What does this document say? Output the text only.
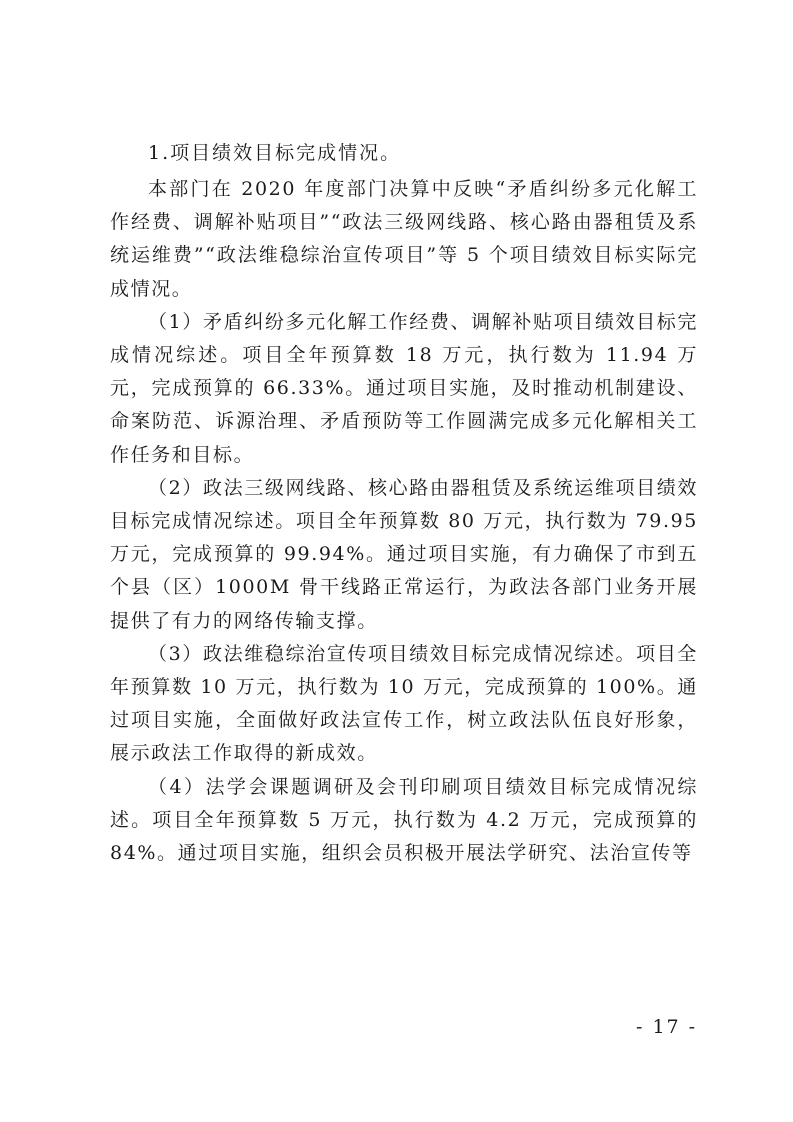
1.项目绩效目标完成情况。

本部门在 2020 年度部门决算中反映“矛盾纠纷多元化解工作经费、调解补贴项目”“政法三级网线路、核心路由器租赁及系统运维费”“政法维稳综治宣传项目”等 5 个项目绩效目标实际完成情况。

（1）矛盾纠纷多元化解工作经费、调解补贴项目绩效目标完成情况综述。项目全年预算数 18 万元，执行数为 11.94 万元，完成预算的 66.33%。通过项目实施，及时推动机制建设、命案防范、诉源治理、矛盾预防等工作圆满完成多元化解相关工作任务和目标。

（2）政法三级网线路、核心路由器租赁及系统运维项目绩效目标完成情况综述。项目全年预算数 80 万元，执行数为 79.95 万元，完成预算的 99.94%。通过项目实施，有力确保了市到五个县（区）1000M 骨干线路正常运行，为政法各部门业务开展提供了有力的网络传输支撑。

（3）政法维稳综治宣传项目绩效目标完成情况综述。项目全年预算数 10 万元，执行数为 10 万元，完成预算的 100%。通过项目实施，全面做好政法宣传工作，树立政法队伍良好形象，展示政法工作取得的新成效。

（4）法学会课题调研及会刊印刷项目绩效目标完成情况综述。项目全年预算数 5 万元，执行数为 4.2 万元，完成预算的 84%。通过项目实施，组织会员积极开展法学研究、法治宣传等

- 17 -
